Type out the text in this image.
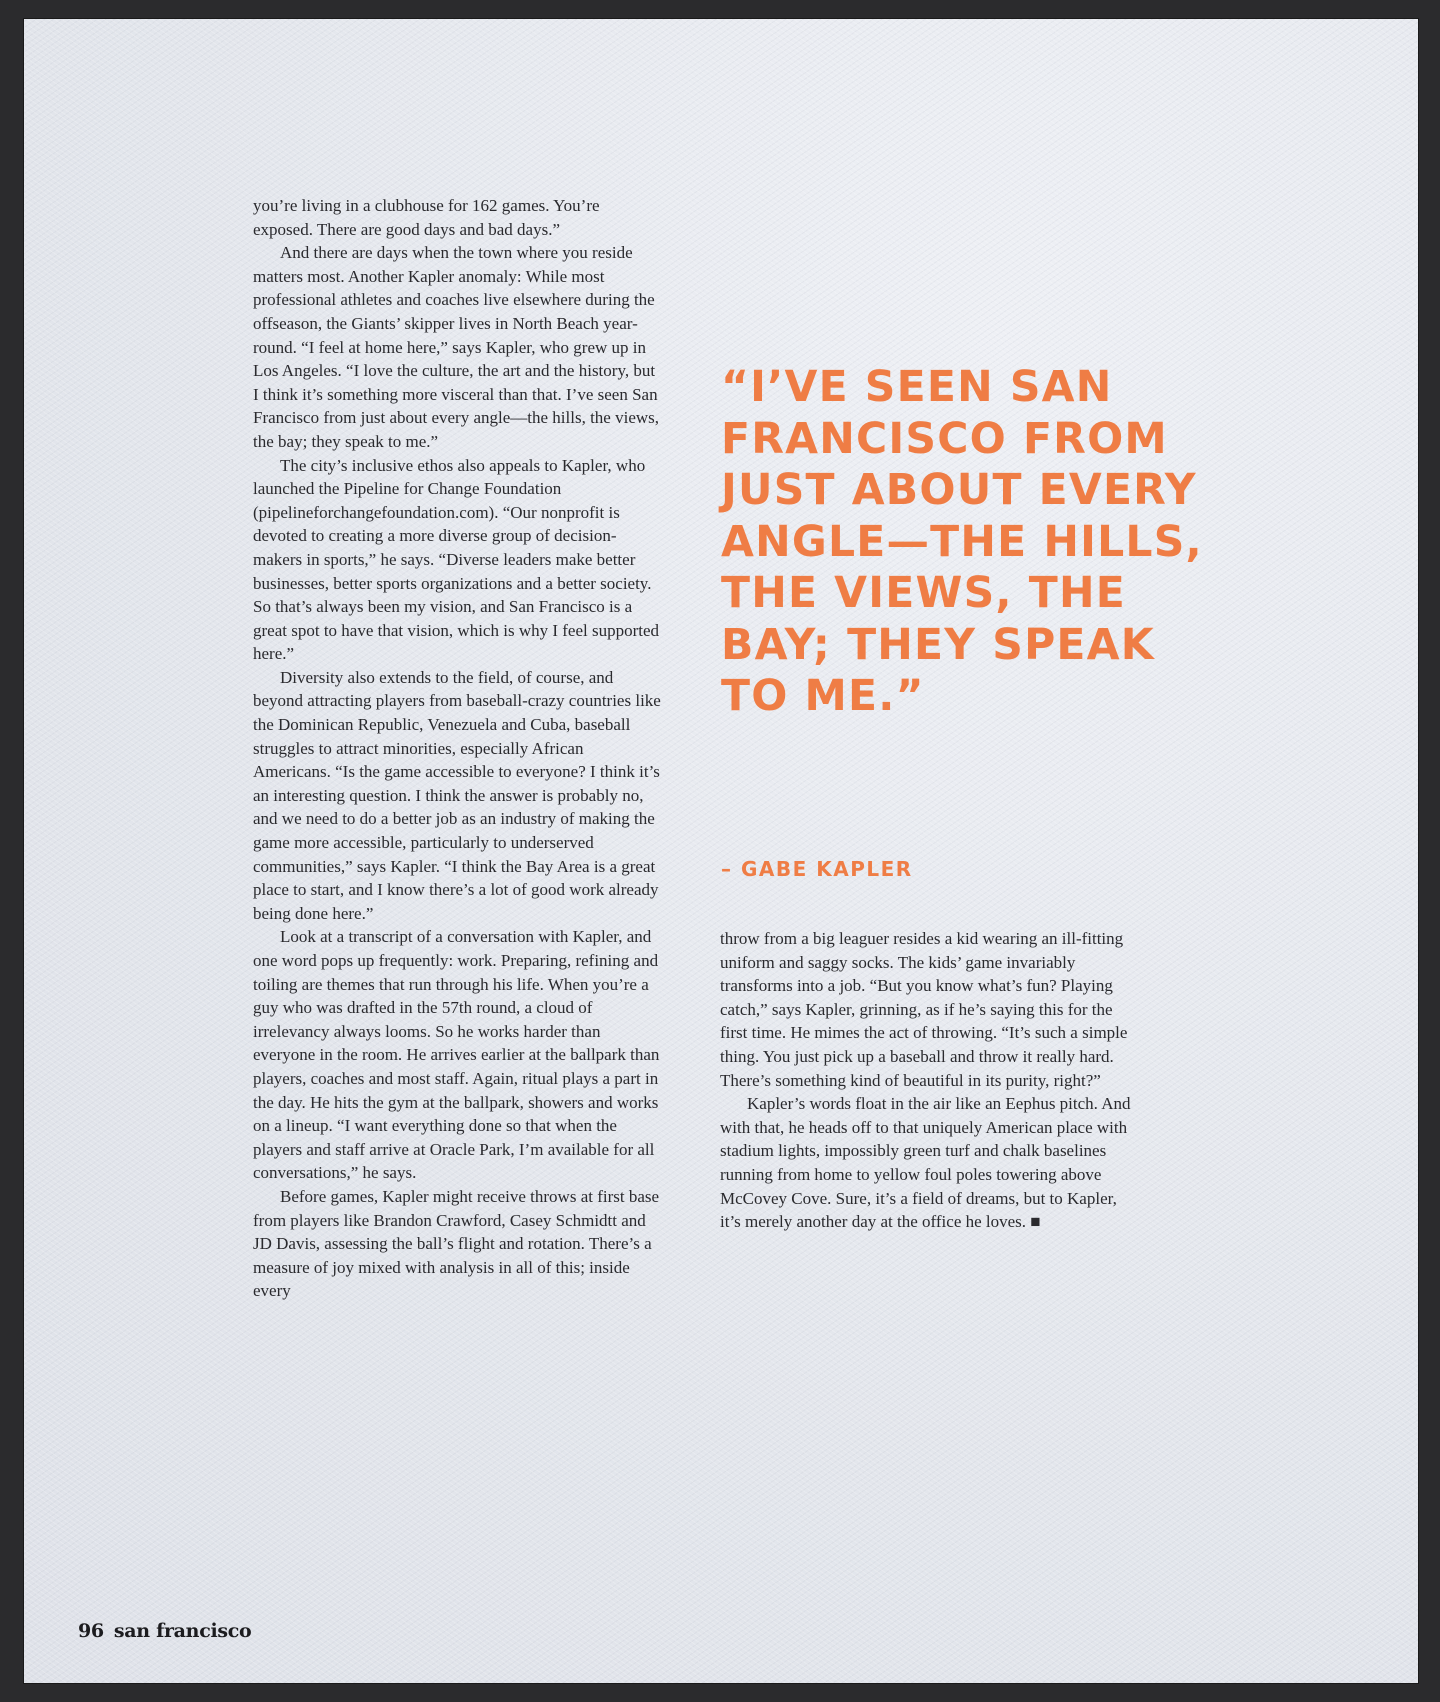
you’re living in a clubhouse for 162 games. You’re exposed. There are good days and bad days.”

And there are days when the town where you reside matters most. Another Kapler anomaly: While most professional athletes and coaches live elsewhere during the offseason, the Giants’ skipper lives in North Beach year-round. “I feel at home here,” says Kapler, who grew up in Los Angeles. “I love the culture, the art and the history, but I think it’s something more visceral than that. I’ve seen San Francisco from just about every angle—the hills, the views, the bay; they speak to me.”

The city’s inclusive ethos also appeals to Kapler, who launched the Pipeline for Change Foundation (pipelineforchangefoundation.com). “Our nonprofit is devoted to creating a more diverse group of decision-makers in sports,” he says. “Diverse leaders make better businesses, better sports organizations and a better society. So that’s always been my vision, and San Francisco is a great spot to have that vision, which is why I feel supported here.”

Diversity also extends to the field, of course, and beyond attracting players from baseball-crazy countries like the Dominican Republic, Venezuela and Cuba, baseball struggles to attract minorities, especially African Americans. “Is the game accessible to everyone? I think it’s an interesting question. I think the answer is probably no, and we need to do a better job as an industry of making the game more accessible, particularly to underserved communities,” says Kapler. “I think the Bay Area is a great place to start, and I know there’s a lot of good work already being done here.”

Look at a transcript of a conversation with Kapler, and one word pops up frequently: work. Preparing, refining and toiling are themes that run through his life. When you’re a guy who was drafted in the 57th round, a cloud of irrelevancy always looms. So he works harder than everyone in the room. He arrives earlier at the ballpark than players, coaches and most staff. Again, ritual plays a part in the day. He hits the gym at the ballpark, showers and works on a lineup. “I want everything done so that when the players and staff arrive at Oracle Park, I’m available for all conversations,” he says.

Before games, Kapler might receive throws at first base from players like Brandon Crawford, Casey Schmidtt and JD Davis, assessing the ball’s flight and rotation. There’s a measure of joy mixed with analysis in all of this; inside every

“I’VE SEEN SAN FRANCISCO FROM JUST ABOUT EVERY ANGLE—THE HILLS, THE VIEWS, THE BAY; THEY SPEAK TO ME.”

– GABE KAPLER

throw from a big leaguer resides a kid wearing an ill-fitting uniform and saggy socks. The kids’ game invariably transforms into a job. “But you know what’s fun? Playing catch,” says Kapler, grinning, as if he’s saying this for the first time. He mimes the act of throwing. “It’s such a simple thing. You just pick up a baseball and throw it really hard. There’s something kind of beautiful in its purity, right?”

Kapler’s words float in the air like an Eephus pitch. And with that, he heads off to that uniquely American place with stadium lights, impossibly green turf and chalk baselines running from home to yellow foul poles towering above McCovey Cove. Sure, it’s a field of dreams, but to Kapler, it’s merely another day at the office he loves. ■

96 san francisco
